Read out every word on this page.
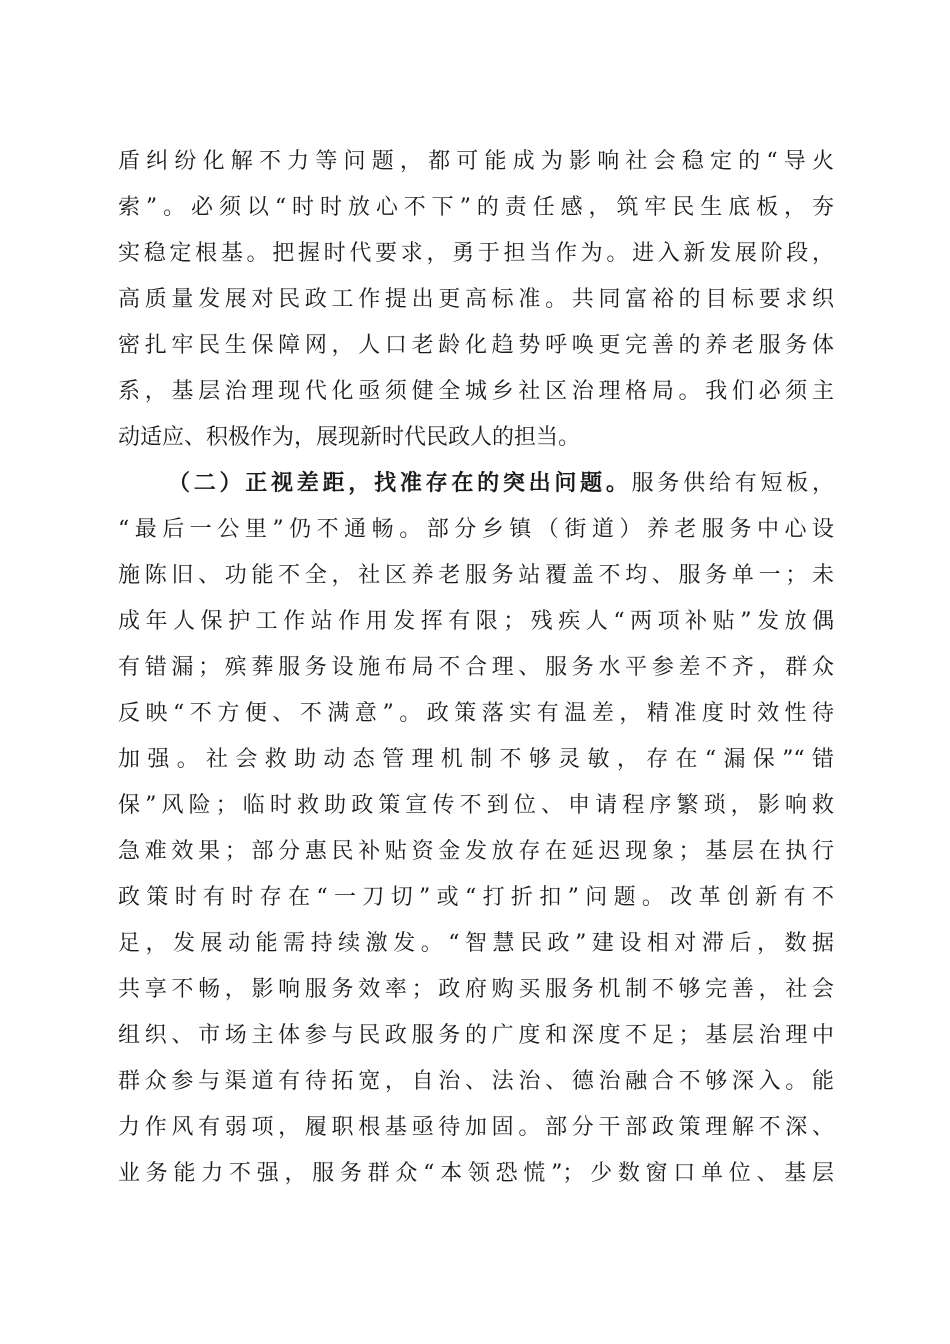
盾纠纷化解不力等问题，都可能成为影响社会稳定的“导火
索”。必须以“时时放心不下”的责任感，筑牢民生底板，夯
实稳定根基。把握时代要求，勇于担当作为。进入新发展阶段，
高质量发展对民政工作提出更高标准。共同富裕的目标要求织
密扎牢民生保障网，人口老龄化趋势呼唤更完善的养老服务体
系，基层治理现代化亟须健全城乡社区治理格局。我们必须主
动适应、积极作为，展现新时代民政人的担当。
（二）正视差距，找准存在的突出问题。服务供给有短板，
“最后一公里”仍不通畅。部分乡镇（街道）养老服务中心设
施陈旧、功能不全，社区养老服务站覆盖不均、服务单一；未
成年人保护工作站作用发挥有限；残疾人“两项补贴”发放偶
有错漏；殡葬服务设施布局不合理、服务水平参差不齐，群众
反映“不方便、不满意”。政策落实有温差，精准度时效性待
加强。社会救助动态管理机制不够灵敏，存在“漏保”“错
保”风险；临时救助政策宣传不到位、申请程序繁琐，影响救
急难效果；部分惠民补贴资金发放存在延迟现象；基层在执行
政策时有时存在“一刀切”或“打折扣”问题。改革创新有不
足，发展动能需持续激发。“智慧民政”建设相对滞后，数据
共享不畅，影响服务效率；政府购买服务机制不够完善，社会
组织、市场主体参与民政服务的广度和深度不足；基层治理中
群众参与渠道有待拓宽，自治、法治、德治融合不够深入。能
力作风有弱项，履职根基亟待加固。部分干部政策理解不深、
业务能力不强，服务群众“本领恐慌”；少数窗口单位、基层
